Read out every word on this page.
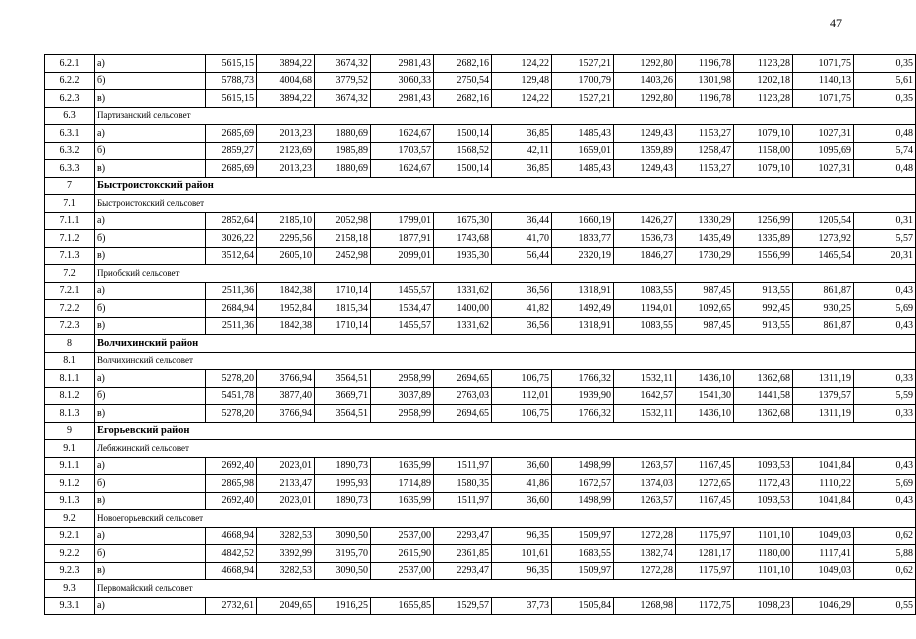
47
6.2.1	а)	5615,15	3894,22	3674,32	2981,43	2682,16	124,22	1527,21	1292,80	1196,78	1123,28	1071,75	0,35
6.2.2	б)	5788,73	4004,68	3779,52	3060,33	2750,54	129,48	1700,79	1403,26	1301,98	1202,18	1140,13	5,61
6.2.3	в)	5615,15	3894,22	3674,32	2981,43	2682,16	124,22	1527,21	1292,80	1196,78	1123,28	1071,75	0,35
6.3	Партизанский сельсовет												
6.3.1	а)	2685,69	2013,23	1880,69	1624,67	1500,14	36,85	1485,43	1249,43	1153,27	1079,10	1027,31	0,48
6.3.2	б)	2859,27	2123,69	1985,89	1703,57	1568,52	42,11	1659,01	1359,89	1258,47	1158,00	1095,69	5,74
6.3.3	в)	2685,69	2013,23	1880,69	1624,67	1500,14	36,85	1485,43	1249,43	1153,27	1079,10	1027,31	0,48
7	Быстроистокский район												
7.1	Быстроистокский сельсовет												
7.1.1	а)	2852,64	2185,10	2052,98	1799,01	1675,30	36,44	1660,19	1426,27	1330,29	1256,99	1205,54	0,31
7.1.2	б)	3026,22	2295,56	2158,18	1877,91	1743,68	41,70	1833,77	1536,73	1435,49	1335,89	1273,92	5,57
7.1.3	в)	3512,64	2605,10	2452,98	2099,01	1935,30	56,44	2320,19	1846,27	1730,29	1556,99	1465,54	20,31
7.2	Приобский сельсовет												
7.2.1	а)	2511,36	1842,38	1710,14	1455,57	1331,62	36,56	1318,91	1083,55	987,45	913,55	861,87	0,43
7.2.2	б)	2684,94	1952,84	1815,34	1534,47	1400,00	41,82	1492,49	1194,01	1092,65	992,45	930,25	5,69
7.2.3	в)	2511,36	1842,38	1710,14	1455,57	1331,62	36,56	1318,91	1083,55	987,45	913,55	861,87	0,43
8	Волчихинский район												
8.1	Волчихинский сельсовет												
8.1.1	а)	5278,20	3766,94	3564,51	2958,99	2694,65	106,75	1766,32	1532,11	1436,10	1362,68	1311,19	0,33
8.1.2	б)	5451,78	3877,40	3669,71	3037,89	2763,03	112,01	1939,90	1642,57	1541,30	1441,58	1379,57	5,59
8.1.3	в)	5278,20	3766,94	3564,51	2958,99	2694,65	106,75	1766,32	1532,11	1436,10	1362,68	1311,19	0,33
9	Егорьевский район												
9.1	Лебяжинский сельсовет												
9.1.1	а)	2692,40	2023,01	1890,73	1635,99	1511,97	36,60	1498,99	1263,57	1167,45	1093,53	1041,84	0,43
9.1.2	б)	2865,98	2133,47	1995,93	1714,89	1580,35	41,86	1672,57	1374,03	1272,65	1172,43	1110,22	5,69
9.1.3	в)	2692,40	2023,01	1890,73	1635,99	1511,97	36,60	1498,99	1263,57	1167,45	1093,53	1041,84	0,43
9.2	Новоегорьевский сельсовет												
9.2.1	а)	4668,94	3282,53	3090,50	2537,00	2293,47	96,35	1509,97	1272,28	1175,97	1101,10	1049,03	0,62
9.2.2	б)	4842,52	3392,99	3195,70	2615,90	2361,85	101,61	1683,55	1382,74	1281,17	1180,00	1117,41	5,88
9.2.3	в)	4668,94	3282,53	3090,50	2537,00	2293,47	96,35	1509,97	1272,28	1175,97	1101,10	1049,03	0,62
9.3	Первомайский сельсовет												
9.3.1	а)	2732,61	2049,65	1916,25	1655,85	1529,57	37,73	1505,84	1268,98	1172,75	1098,23	1046,29	0,55
